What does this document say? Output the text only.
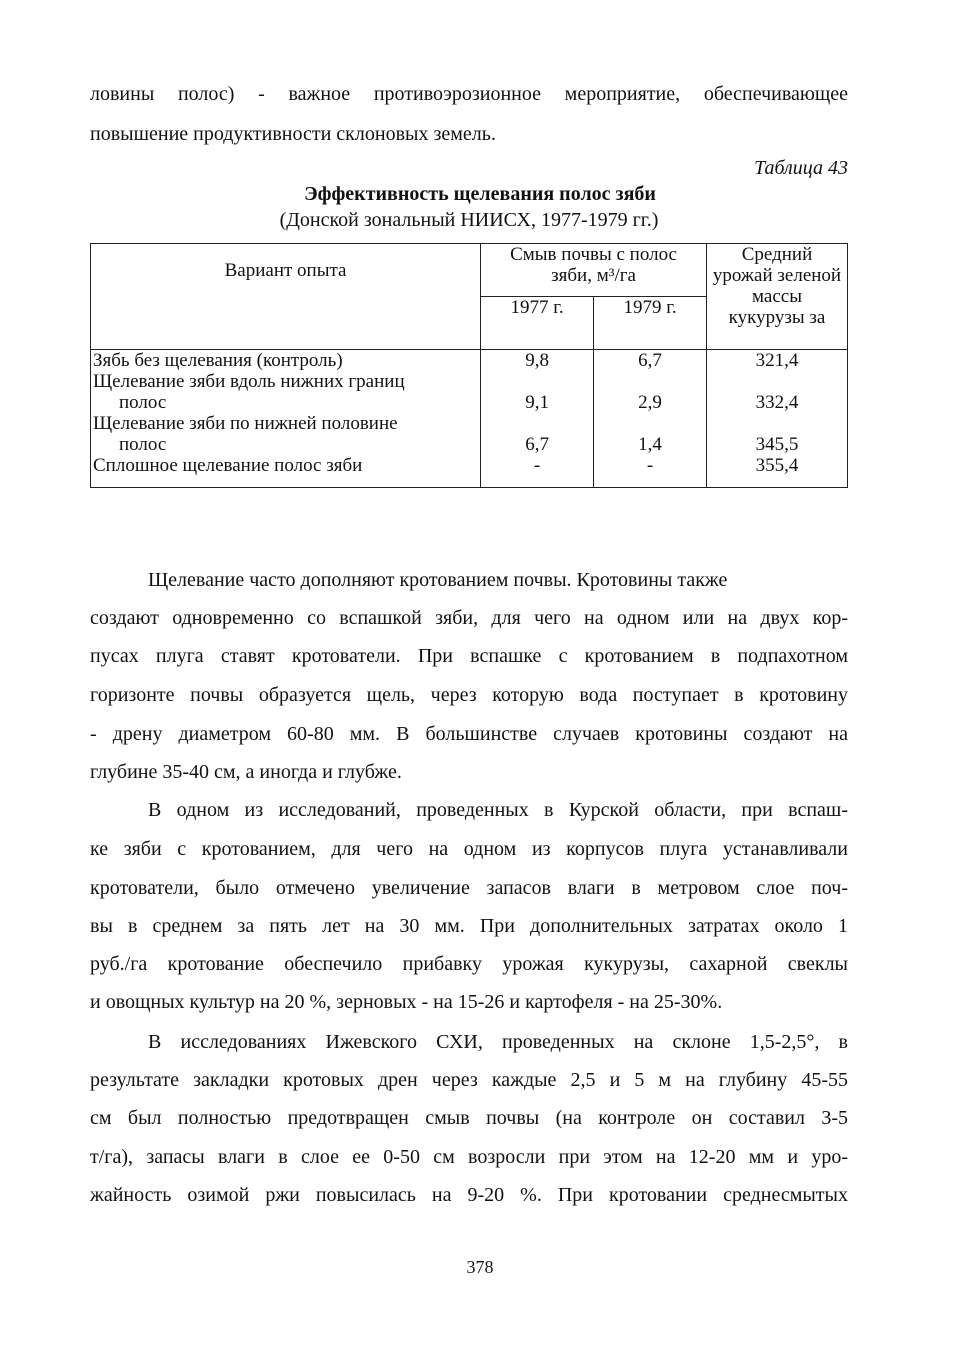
ловины полос) - важное противоэрозионное мероприятие, обеспечивающее
повышение продуктивности склоновых земель.
Таблица 43
Эффективность щелевания полос зяби
(Донской зональный НИИСХ, 1977-1979 гг.)
Вариант опыта	Смыв почвы с полос зяби, м³/га		Средний урожай зеленой массы кукурузы за
	1977 г.	1979 г.	
Зябь без щелевания (контроль)	9,8	6,7	321,4

Щелевание зяби вдоль нижних границ
полос	9,1	2,9	332,4

Щелевание зяби по нижней половине
полос	6,7	1,4	345,5
Сплошное щелевание полос зяби	-	-	355,4
Щелевание часто дополняют кротованием почвы. Кротовины также
создают одновременно со вспашкой зяби, для чего на одном или на двух кор-
пусах плуга ставят кротователи. При вспашке с кротованием в подпахотном
горизонте почвы образуется щель, через которую вода поступает в кротовину
- дрену диаметром 60-80 мм. В большинстве случаев кротовины создают на
глубине 35-40 см, а иногда и глубже.
В одном из исследований, проведенных в Курской области, при вспаш-
ке зяби с кротованием, для чего на одном из корпусов плуга устанавливали
кротователи, было отмечено увеличение запасов влаги в метровом слое поч-
вы в среднем за пять лет на 30 мм. При дополнительных затратах около 1
руб./га кротование обеспечило прибавку урожая кукурузы, сахарной свеклы
и овощных культур на 20 %, зерновых - на 15-26 и картофеля - на 25-30%.
В исследованиях Ижевского СХИ, проведенных на склоне 1,5-2,5°, в
результате закладки кротовых дрен через каждые 2,5 и 5 м на глубину 45-55
см был полностью предотвращен смыв почвы (на контроле он составил 3-5
т/га), запасы влаги в слое ее 0-50 см возросли при этом на 12-20 мм и уро-
жайность озимой ржи повысилась на 9-20 %. При кротовании среднесмытых
378
